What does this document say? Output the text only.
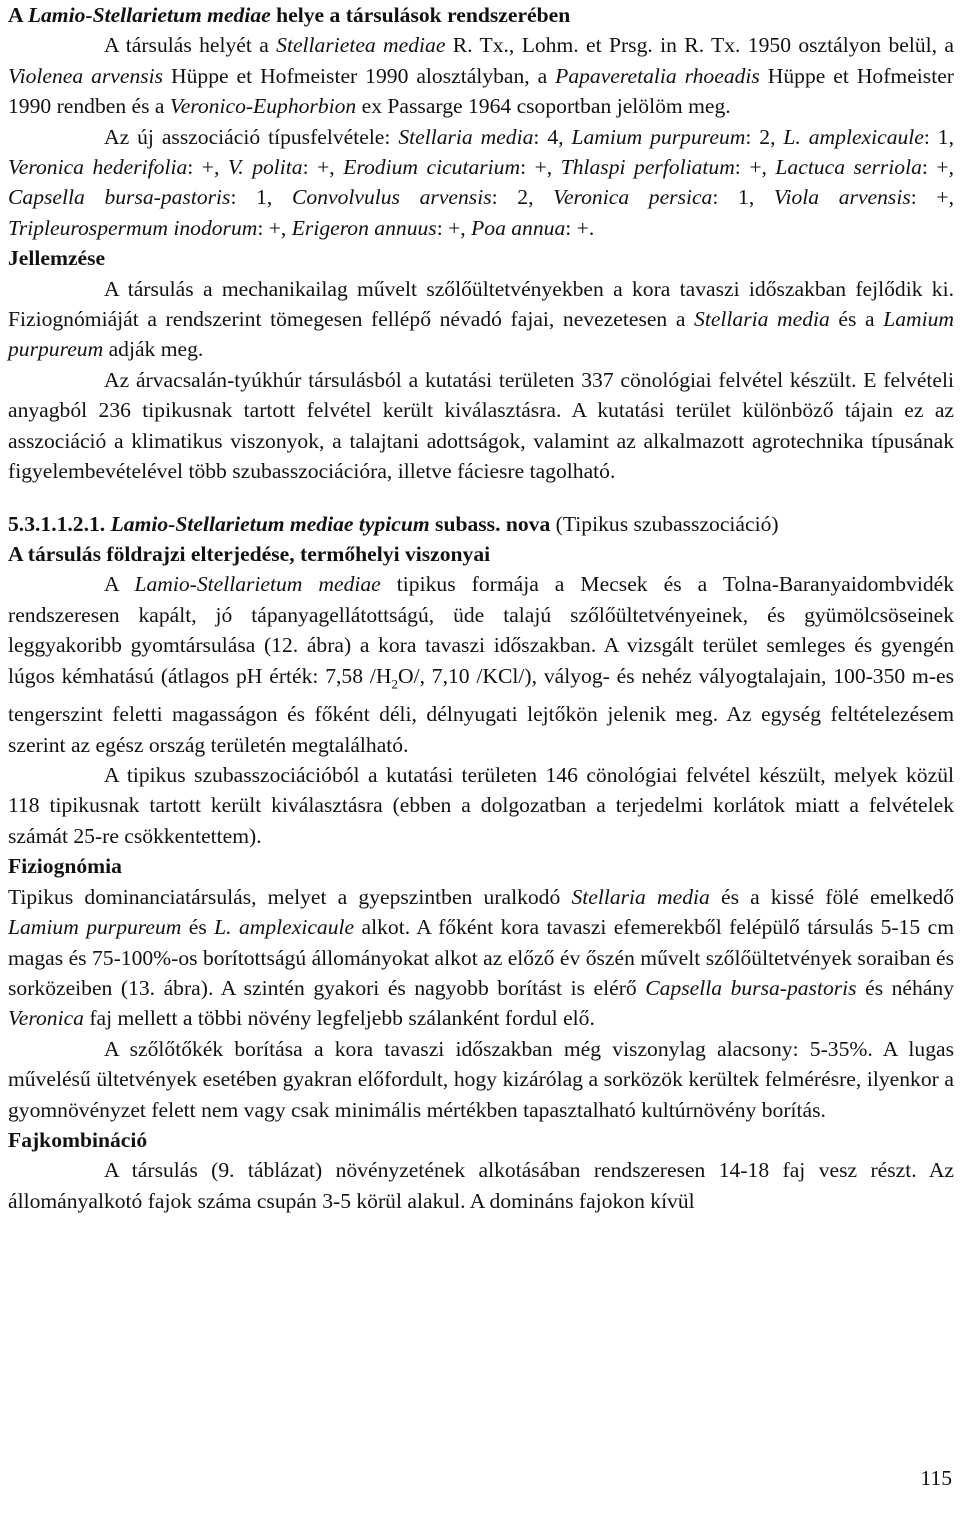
A Lamio-Stellarietum mediae helye a társulások rendszerében

A társulás helyét a Stellarietea mediae R. Tx., Lohm. et Prsg. in R. Tx. 1950 osztályon belül, a Violenea arvensis Hüppe et Hofmeister 1990 alosztályban, a Papaveretalia rhoeadis Hüppe et Hofmeister 1990 rendben és a Veronico-Euphorbion ex Passarge 1964 csoportban jelölöm meg.

Az új asszociáció típusfelvétele: Stellaria media: 4, Lamium purpureum: 2, L. amplexicaule: 1, Veronica hederifolia: +, V. polita: +, Erodium cicutarium: +, Thlaspi perfoliatum: +, Lactuca serriola: +, Capsella bursa-pastoris: 1, Convolvulus arvensis: 2, Veronica persica: 1, Viola arvensis: +, Tripleurospermum inodorum: +, Erigeron annuus: +, Poa annua: +.

Jellemzése

A társulás a mechanikailag művelt szőlőültetvényekben a kora tavaszi időszakban fejlődik ki. Fiziognómiáját a rendszerint tömegesen fellépő névadó fajai, nevezetesen a Stellaria media és a Lamium purpureum adják meg.

Az árvacsalán-tyúkhúr társulásból a kutatási területen 337 cönológiai felvétel készült. E felvételi anyagból 236 tipikusnak tartott felvétel került kiválasztásra. A kutatási terület különböző tájain ez az asszociáció a klimatikus viszonyok, a talajtani adottságok, valamint az alkalmazott agrotechnika típusának figyelembevételével több szubasszociációra, illetve fáciesre tagolható.

5.3.1.1.2.1. Lamio-Stellarietum mediae typicum subass. nova (Tipikus szubasszociáció)

A társulás földrajzi elterjedése, termőhelyi viszonyai

A Lamio-Stellarietum mediae tipikus formája a Mecsek és a Tolna-Baranyaidombvidék rendszeresen kapált, jó tápanyagellátottságú, üde talajú szőlőültetvényeinek, és gyümölcsöseinek leggyakoribb gyomtársulása (12. ábra) a kora tavaszi időszakban. A vizsgált terület semleges és gyengén lúgos kémhatású (átlagos pH érték: 7,58 $/H_2O/$, 7,10 /KCl/), vályog- és nehéz vályogtalajain, 100-350 m-es tengerszint feletti magasságon és főként déli, délnyugati lejtőkön jelenik meg. Az egység feltételezésem szerint az egész ország területén megtalálható.

A tipikus szubasszociációból a kutatási területen 146 cönológiai felvétel készült, melyek közül 118 tipikusnak tartott került kiválasztásra (ebben a dolgozatban a terjedelmi korlátok miatt a felvételek számát 25-re csökkentettem).

Fiziognómia

Tipikus dominanciatársulás, melyet a gyepszintben uralkodó Stellaria media és a kissé fölé emelkedő Lamium purpureum és L. amplexicaule alkot. A főként kora tavaszi efemerekből felépülő társulás 5-15 cm magas és 75-100%-os borítottságú állományokat alkot az előző év őszén művelt szőlőültetvények soraiban és sorközeiben (13. ábra). A szintén gyakori és nagyobb borítást is elérő Capsella bursa-pastoris és néhány Veronica faj mellett a többi növény legfeljebb szálanként fordul elő.

A szőlőtőkék borítása a kora tavaszi időszakban még viszonylag alacsony: 5-35%. A lugas művelésű ültetvények esetében gyakran előfordult, hogy kizárólag a sorközök kerültek felmérésre, ilyenkor a gyomnövényzet felett nem vagy csak minimális mértékben tapasztalható kultúrnövény borítás.

Fajkombináció

A társulás (9. táblázat) növényzetének alkotásában rendszeresen 14-18 faj vesz részt. Az állományalkotó fajok száma csupán 3-5 körül alakul. A domináns fajokon kívül

115
